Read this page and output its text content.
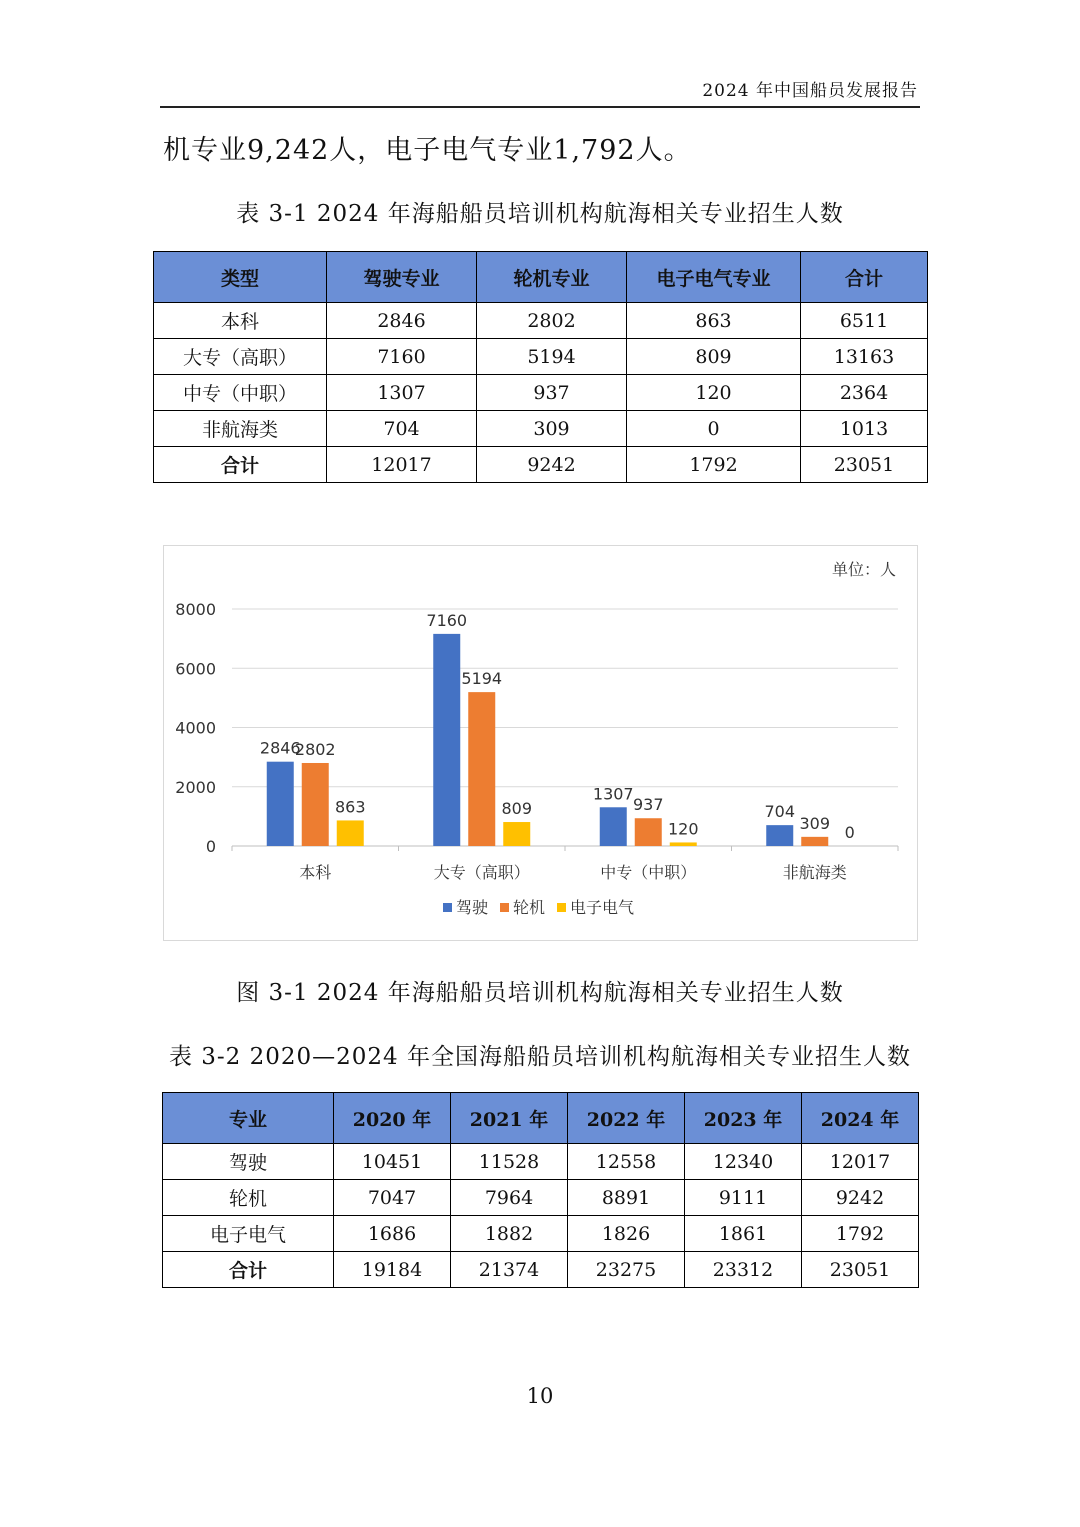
2024 年中国船员发展报告
机专业9,242人，电子电气专业1,792人。
表 3-1 2024 年海船船员培训机构航海相关专业招生人数
类型	驾驶专业	轮机专业	电子电气专业	合计
本科	2846	2802	863	6511
大专（高职）	7160	5194	809	13163
中专（中职）	1307	937	120	2364
非航海类	704	309	0	1013
合计	12017	9242	1792	23051
单位：人
0
2000
4000
6000
8000
2846
2802
863
7160
5194
809
1307
937
120
704
309 0
本科	大专（高职）	中专（中职）	非航海类
驾驶 轮机 电子电气
图 3-1 2024 年海船船员培训机构航海相关专业招生人数
表 3-2 2020—2024 年全国海船船员培训机构航海相关专业招生人数
专业	2020 年	2021 年	2022 年	2023 年	2024 年
驾驶	10451	11528	12558	12340	12017
轮机	7047	7964	8891	9111	9242
电子电气	1686	1882	1826	1861	1792
合计	19184	21374	23275	23312	23051
10
